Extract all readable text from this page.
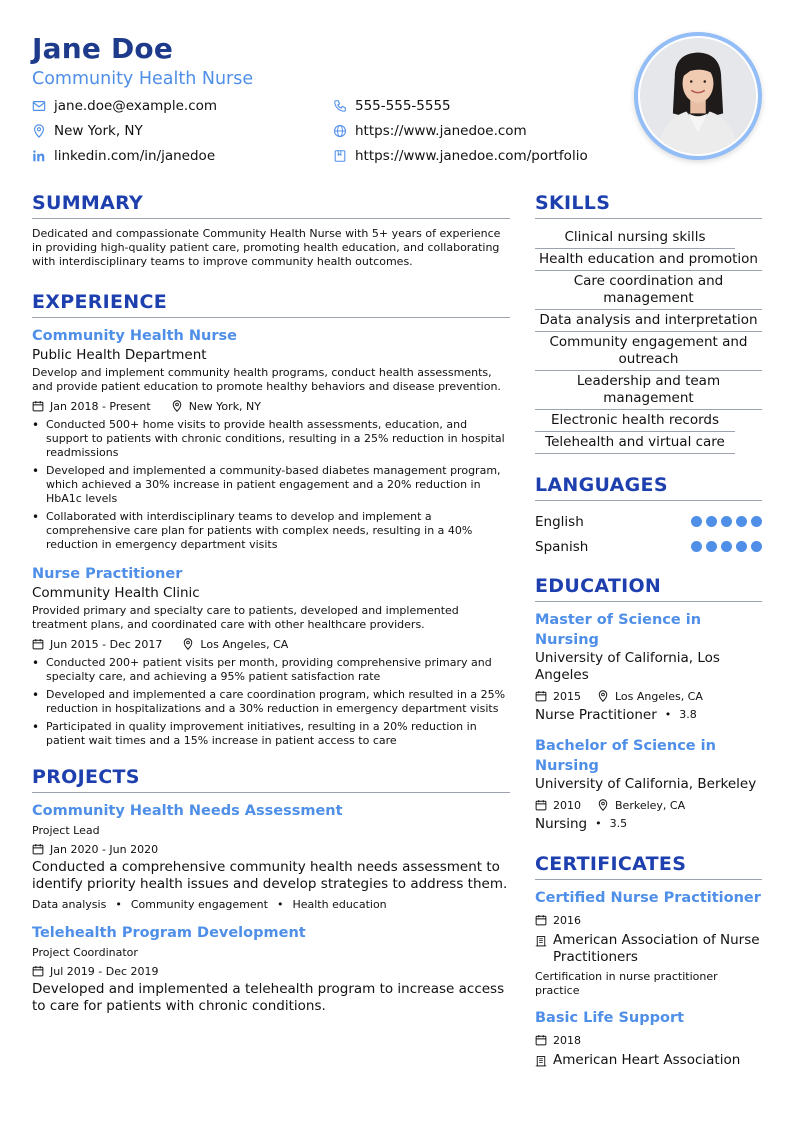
Jane Doe
Community Health Nurse
jane.doe@example.com	555-555-5555
New York, NY	https://www.janedoe.com
linkedin.com/in/janedoe	https://www.janedoe.com/portfolio
SUMMARY
Dedicated and compassionate Community Health Nurse with 5+ years of experience in providing high-quality patient care, promoting health education, and collaborating with interdisciplinary teams to improve community health outcomes.
EXPERIENCE
Community Health Nurse
Public Health Department
Develop and implement community health programs, conduct health assessments, and provide patient education to promote healthy behaviors and disease prevention.
Jan 2018 - Present	New York, NY
• Conducted 500+ home visits to provide health assessments, education, and support to patients with chronic conditions, resulting in a 25% reduction in hospital readmissions
• Developed and implemented a community-based diabetes management program, which achieved a 30% increase in patient engagement and a 20% reduction in HbA1c levels
• Collaborated with interdisciplinary teams to develop and implement a comprehensive care plan for patients with complex needs, resulting in a 40% reduction in emergency department visits
Nurse Practitioner
Community Health Clinic
Provided primary and specialty care to patients, developed and implemented treatment plans, and coordinated care with other healthcare providers.
Jun 2015 - Dec 2017	Los Angeles, CA
• Conducted 200+ patient visits per month, providing comprehensive primary and specialty care, and achieving a 95% patient satisfaction rate
• Developed and implemented a care coordination program, which resulted in a 25% reduction in hospitalizations and a 30% reduction in emergency department visits
• Participated in quality improvement initiatives, resulting in a 20% reduction in patient wait times and a 15% increase in patient access to care
PROJECTS
Community Health Needs Assessment
Project Lead
Jan 2020 - Jun 2020
Conducted a comprehensive community health needs assessment to identify priority health issues and develop strategies to address them.
Data analysis • Community engagement • Health education
Telehealth Program Development
Project Coordinator
Jul 2019 - Dec 2019
Developed and implemented a telehealth program to increase access to care for patients with chronic conditions.
SKILLS
Clinical nursing skills
Health education and promotion
Care coordination and management
Data analysis and interpretation
Community engagement and outreach
Leadership and team management
Electronic health records
Telehealth and virtual care
LANGUAGES
English
Spanish
EDUCATION
Master of Science in Nursing
University of California, Los Angeles
2015	Los Angeles, CA
Nurse Practitioner • 3.8
Bachelor of Science in Nursing
University of California, Berkeley
2010	Berkeley, CA
Nursing • 3.5
CERTIFICATES
Certified Nurse Practitioner
2016
American Association of Nurse Practitioners
Certification in nurse practitioner practice
Basic Life Support
2018
American Heart Association
